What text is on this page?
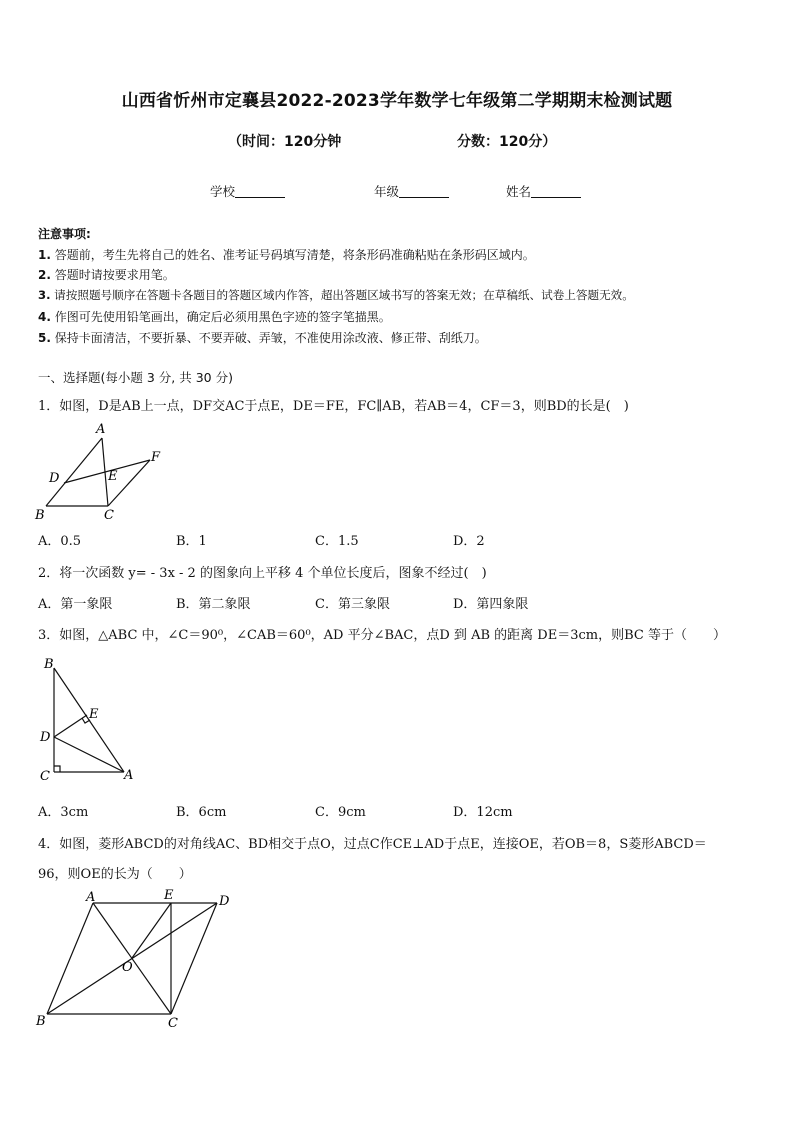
山西省忻州市定襄县2022-2023学年数学七年级第二学期期末检测试题
（时间：120分钟	分数：120分）
学校	年级	姓名
注意事项:
1. 答题前，考生先将自己的姓名、准考证号码填写清楚，将条形码准确粘贴在条形码区域内。
2. 答题时请按要求用笔。
3. 请按照题号顺序在答题卡各题目的答题区域内作答，超出答题区域书写的答案无效；在草稿纸、试卷上答题无效。
4. 作图可先使用铅笔画出，确定后必须用黑色字迹的签字笔描黑。
5. 保持卡面清洁，不要折暴、不要弄破、弄皱，不准使用涂改液、修正带、刮纸刀。
一、选择题(每小题 3 分, 共 30 分)
1．如图，D是AB上一点，DF交AC于点E，DE＝FE，FC∥AB，若AB＝4，CF＝3，则BD的长是(　)
A
B	C
D	E
F
A．0.5	B．1	C．1.5	D．2
2．将一次函数 y= - 3x - 2 的图象向上平移 4 个单位长度后，图象不经过(　)
A．第一象限	B．第二象限	C．第三象限	D．第四象限
3．如图，△ABC 中，∠C＝90⁰，∠CAB＝60⁰，AD 平分∠BAC，点D 到 AB 的距离 DE＝3cm，则BC 等于（　　）
B
D
C
E
A
A．3cm	B．6cm	C．9cm	D．12cm
4．如图，菱形ABCD的对角线AC、BD相交于点O，过点C作CE⊥AD于点E，连接OE，若OB＝8，S菱形ABCD＝
96，则OE的长为（　　）
A	E	D
O
B	C
